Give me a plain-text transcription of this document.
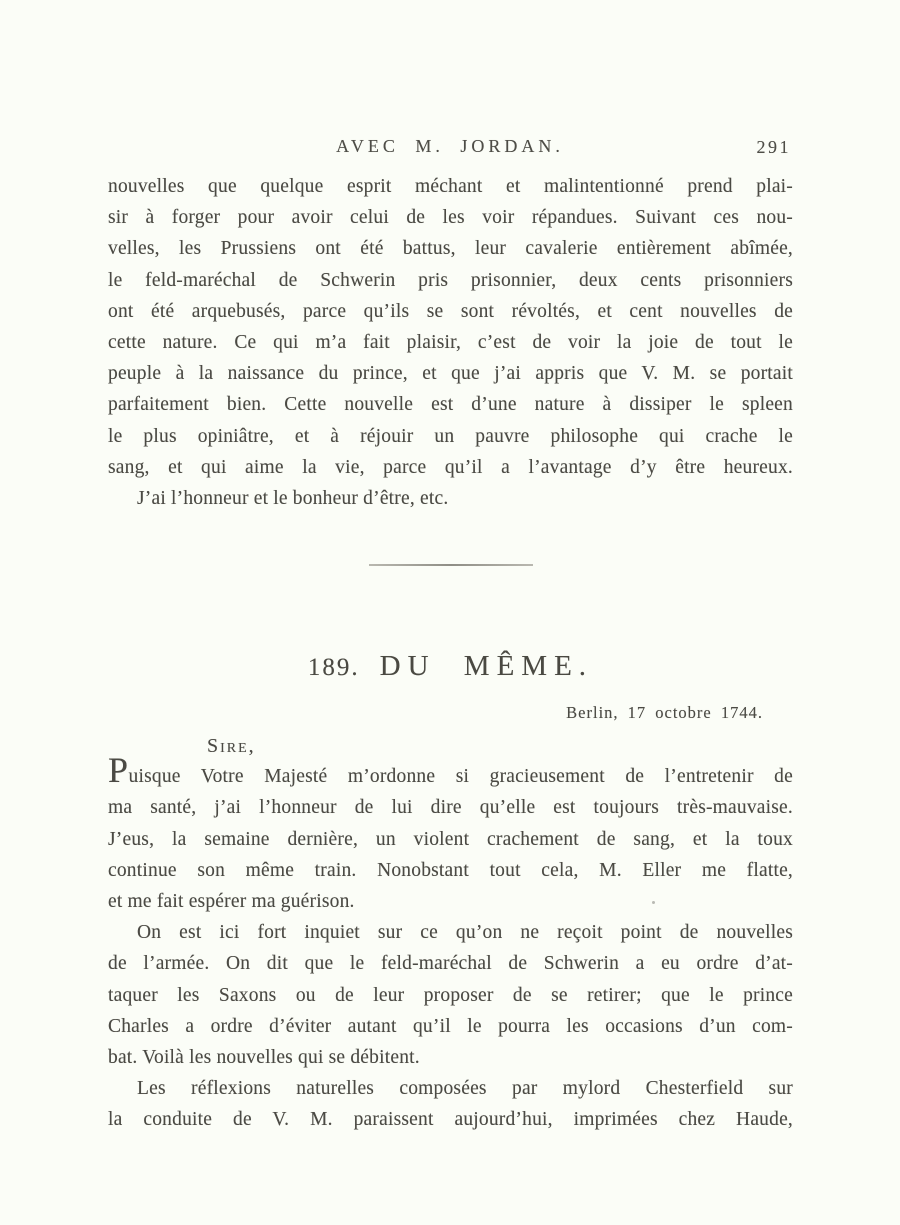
AVEC M. JORDAN.	291
nouvelles que quelque esprit méchant et malintentionné prend plai-
sir à forger pour avoir celui de les voir répandues. Suivant ces nou-
velles, les Prussiens ont été battus, leur cavalerie entièrement abîmée,
le feld-maréchal de Schwerin pris prisonnier, deux cents prisonniers
ont été arquebusés, parce qu’ils se sont révoltés, et cent nouvelles de
cette nature. Ce qui m’a fait plaisir, c’est de voir la joie de tout le
peuple à la naissance du prince, et que j’ai appris que V. M. se portait
parfaitement bien. Cette nouvelle est d’une nature à dissiper le spleen
le plus opiniâtre, et à réjouir un pauvre philosophe qui crache le
sang, et qui aime la vie, parce qu’il a l’avantage d’y être heureux.
J’ai l’honneur et le bonheur d’être, etc.
189. DU MÊME.
Berlin, 17 octobre 1744.
Sire,
Puisque Votre Majesté m’ordonne si gracieusement de l’entretenir de
ma santé, j’ai l’honneur de lui dire qu’elle est toujours très-mauvaise.
J’eus, la semaine dernière, un violent crachement de sang, et la toux
continue son même train. Nonobstant tout cela, M. Eller me flatte,
et me fait espérer ma guérison.
On est ici fort inquiet sur ce qu’on ne reçoit point de nouvelles
de l’armée. On dit que le feld-maréchal de Schwerin a eu ordre d’at-
taquer les Saxons ou de leur proposer de se retirer; que le prince
Charles a ordre d’éviter autant qu’il le pourra les occasions d’un com-
bat. Voilà les nouvelles qui se débitent.
Les réflexions naturelles composées par mylord Chesterfield sur
la conduite de V. M. paraissent aujourd’hui, imprimées chez Haude,
